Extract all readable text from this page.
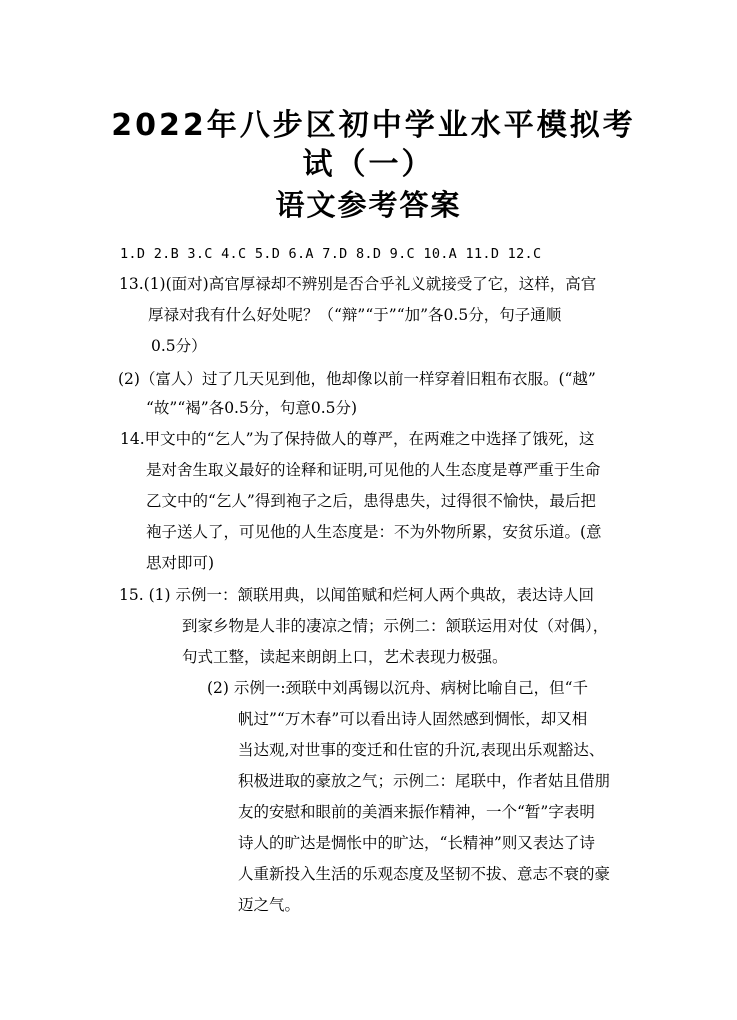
2022年八步区初中学业水平模拟考
试（一）
语文参考答案
1.D 2.B 3.C 4.C 5.D 6.A 7.D 8.D 9.C 10.A 11.D 12.C
13.(1)(面对)高官厚禄却不辨别是否合乎礼义就接受了它，这样，高官
厚禄对我有什么好处呢？（“辩”“于”“加”各0.5分，句子通顺
0.5分）
(2)（富人）过了几天见到他，他却像以前一样穿着旧粗布衣服。(“越”
“故”“褐”各0.5分，句意0.5分)
14.甲文中的“乞人”为了保持做人的尊严，在两难之中选择了饿死，这
是对舍生取义最好的诠释和证明,可见他的人生态度是尊严重于生命
乙文中的“乞人”得到袍子之后，患得患失，过得很不愉快，最后把
袍子送人了，可见他的人生态度是：不为外物所累，安贫乐道。(意
思对即可)
15. (1) 示例一：颔联用典，以闻笛赋和烂柯人两个典故，表达诗人回
到家乡物是人非的凄凉之情；示例二：颔联运用对仗（对偶），
句式工整，读起来朗朗上口，艺术表现力极强。
(2) 示例一:颈联中刘禹锡以沉舟、病树比喻自己，但“千
帆过”“万木春”可以看出诗人固然感到惆怅，却又相
当达观,对世事的变迁和仕宦的升沉,表现出乐观豁达、
积极进取的豪放之气；示例二：尾联中，作者姑且借朋
友的安慰和眼前的美酒来振作精神，一个“暂”字表明
诗人的旷达是惆怅中的旷达，“长精神”则又表达了诗
人重新投入生活的乐观态度及坚韧不拔、意志不衰的豪
迈之气。
